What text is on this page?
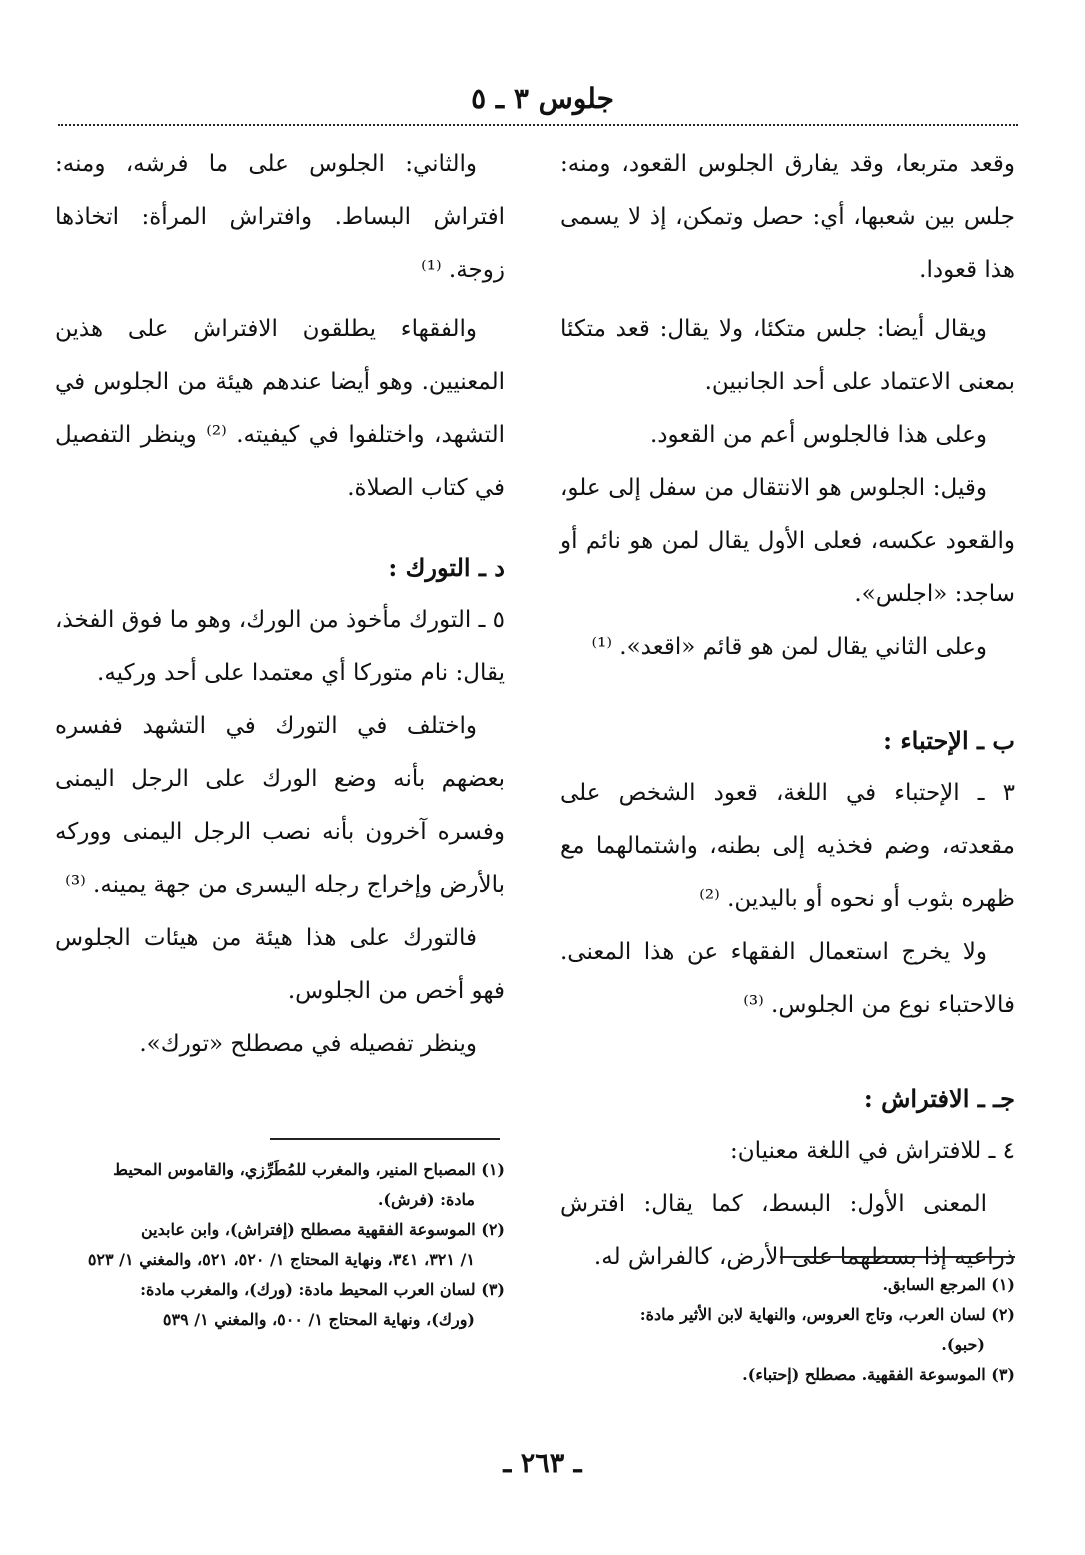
جلوس ٣ ـ ٥

وقعد متربعا، وقد يفارق الجلوس القعود، ومنه: جلس بين شعبها، أي: حصل وتمكن، إذ لا يسمى هذا قعودا.

ويقال أيضا: جلس متكئا، ولا يقال: قعد متكئا بمعنى الاعتماد على أحد الجانبين.

وعلى هذا فالجلوس أعم من القعود.

وقيل: الجلوس هو الانتقال من سفل إلى علو، والقعود عكسه، فعلى الأول يقال لمن هو نائم أو ساجد: «اجلس».

وعلى الثاني يقال لمن هو قائم «اقعد». ⁽¹⁾

ب ـ الإحتباء :

٣ ـ الإحتباء في اللغة، قعود الشخص على مقعدته، وضم فخذيه إلى بطنه، واشتمالهما مع ظهره بثوب أو نحوه أو باليدين. ⁽²⁾

ولا يخرج استعمال الفقهاء عن هذا المعنى. فالاحتباء نوع من الجلوس. ⁽³⁾

جـ ـ الافتراش :

٤ ـ للافتراش في اللغة معنيان:

المعنى الأول: البسط، كما يقال: افترش ذراعيه إذا بسطهما على الأرض، كالفراش له.

والثاني: الجلوس على ما فرشه، ومنه: افتراش البساط. وافتراش المرأة: اتخاذها زوجة. ⁽¹⁾

والفقهاء يطلقون الافتراش على هذين المعنيين. وهو أيضا عندهم هيئة من الجلوس في التشهد، واختلفوا في كيفيته. ⁽²⁾ وينظر التفصيل في كتاب الصلاة.

د ـ التورك :

٥ ـ التورك مأخوذ من الورك، وهو ما فوق الفخذ، يقال: نام متوركا أي معتمدا على أحد وركيه.

واختلف في التورك في التشهد ففسره بعضهم بأنه وضع الورك على الرجل اليمنى وفسره آخرون بأنه نصب الرجل اليمنى ووركه بالأرض وإخراج رجله اليسرى من جهة يمينه. ⁽³⁾

فالتورك على هذا هيئة من هيئات الجلوس فهو أخص من الجلوس.

وينظر تفصيله في مصطلح «تورك».

(١) المرجع السابق.

(٢) لسان العرب، وتاج العروس، والنهاية لابن الأثير مادة:
(حبو).

(٣) الموسوعة الفقهية. مصطلح (إحتباء).

(١) المصباح المنير، والمغرب للمُطَرِّزي، والقاموس المحيط
مادة: (فرش).

(٢) الموسوعة الفقهية مصطلح (إفتراش)، وابن عابدين
١/ ٣٢١، ٣٤١، ونهاية المحتاج ١/ ٥٢٠، ٥٢١، والمغني ١/ ٥٢٣

(٣) لسان العرب المحيط مادة: (ورك)، والمغرب مادة:
(ورك)، ونهاية المحتاج ١/ ٥٠٠، والمغني ١/ ٥٣٩

ـ ٢٦٣ ـ
